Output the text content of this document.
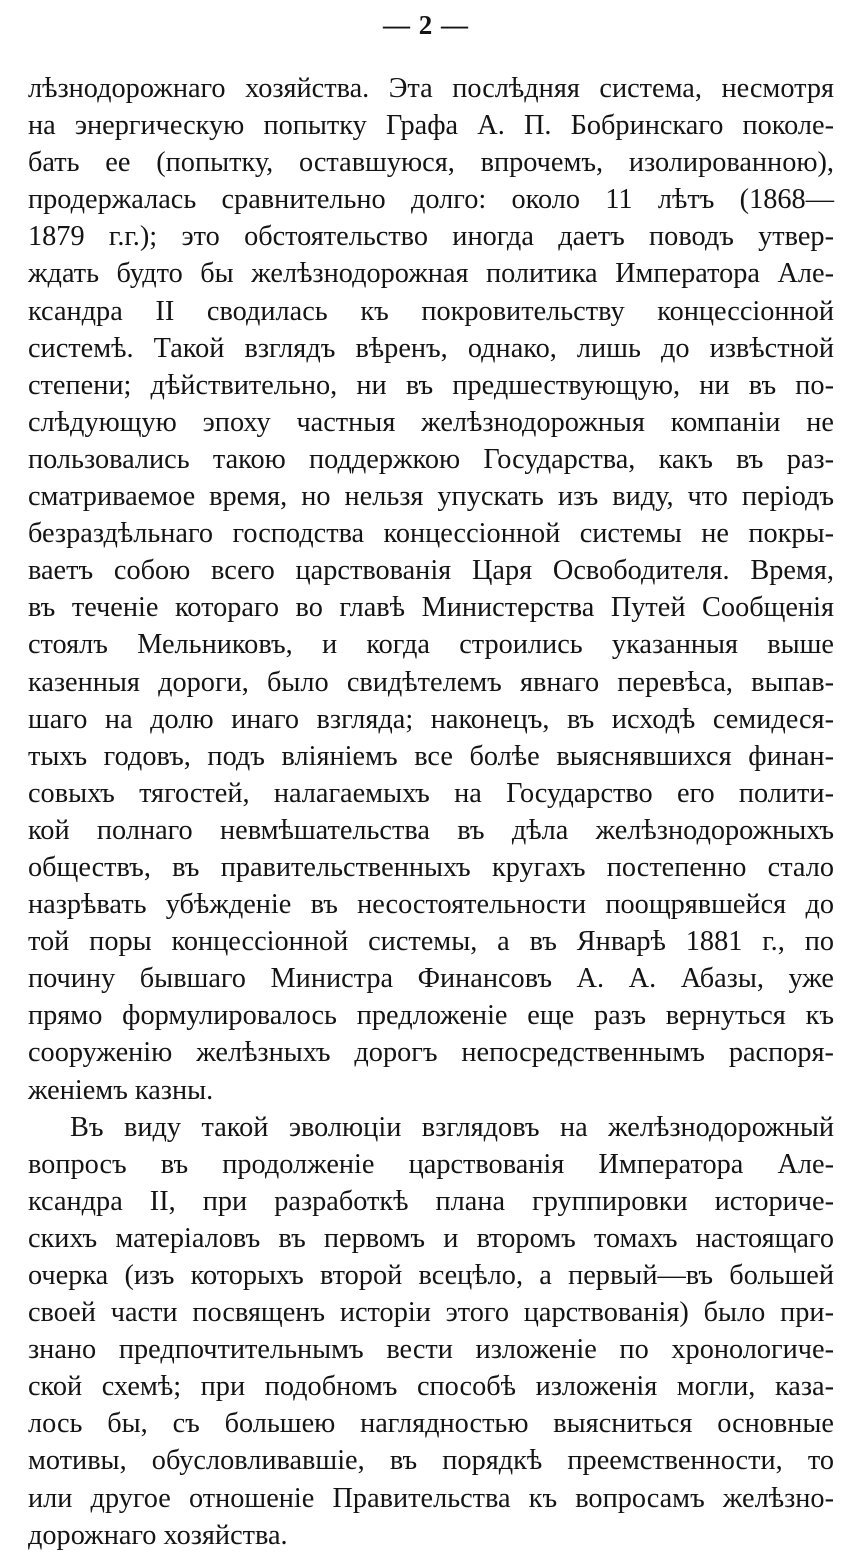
— 2 —
лѣзнодорожнаго хозяйства. Эта послѣдняя система, несмотря
на энергическую попытку Графа А. П. Бобринскаго поколе-
бать ее (попытку, оставшуюся, впрочемъ, изолированною),
продержалась сравнительно долго: около 11 лѣтъ (1868—
1879 г.г.); это обстоятельство иногда даетъ поводъ утвер-
ждать будто бы желѣзнодорожная политика Императора Але-
ксандра II сводилась къ покровительству концессiонной
системѣ. Такой взглядъ вѣренъ, однако, лишь до извѣстной
степени; дѣйствительно, ни въ предшествующую, ни въ по-
слѣдующую эпоху частныя желѣзнодорожныя компанiи не
пользовались такою поддержкою Государства, какъ въ раз-
сматриваемое время, но нельзя упускать изъ виду, что перiодъ
безраздѣльнаго господства концессiонной системы не покры-
ваетъ собою всего царствованiя Царя Освободителя. Время,
въ теченiе котораго во главѣ Министерства Путей Сообщенiя
стоялъ Мельниковъ, и когда строились указанныя выше
казенныя дороги, было свидѣтелемъ явнаго перевѣса, выпав-
шаго на долю инаго взгляда; наконецъ, въ исходѣ семидеся-
тыхъ годовъ, подъ влiянiемъ все болѣе выяснявшихся финан-
совыхъ тягостей, налагаемыхъ на Государство его полити-
кой полнаго невмѣшательства въ дѣла желѣзнодорожныхъ
обществъ, въ правительственныхъ кругахъ постепенно стало
назрѣвать убѣжденiе въ несостоятельности поощрявшейся до
той поры концессiонной системы, а въ Январѣ 1881 г., по
почину бывшаго Министра Финансовъ А. А. Абазы, уже
прямо формулировалось предложенiе еще разъ вернуться къ
сооруженiю желѣзныхъ дорогъ непосредственнымъ распоря-
женiемъ казны.
Въ виду такой эволюцiи взглядовъ на желѣзнодорожный
вопросъ въ продолженiе царствованiя Императора Але-
ксандра II, при разработкѣ плана группировки историче-
скихъ матерiаловъ въ первомъ и второмъ томахъ настоящаго
очерка (изъ которыхъ второй всецѣло, а первый—въ большей
своей части посвященъ исторiи этого царствованiя) было при-
знано предпочтительнымъ вести изложенiе по хронологиче-
ской схемѣ; при подобномъ способѣ изложенiя могли, каза-
лось бы, съ большею наглядностью выясниться основные
мотивы, обусловливавшiе, въ порядкѣ преемственности, то
или другое отношенiе Правительства къ вопросамъ желѣзно-
дорожнаго хозяйства.
